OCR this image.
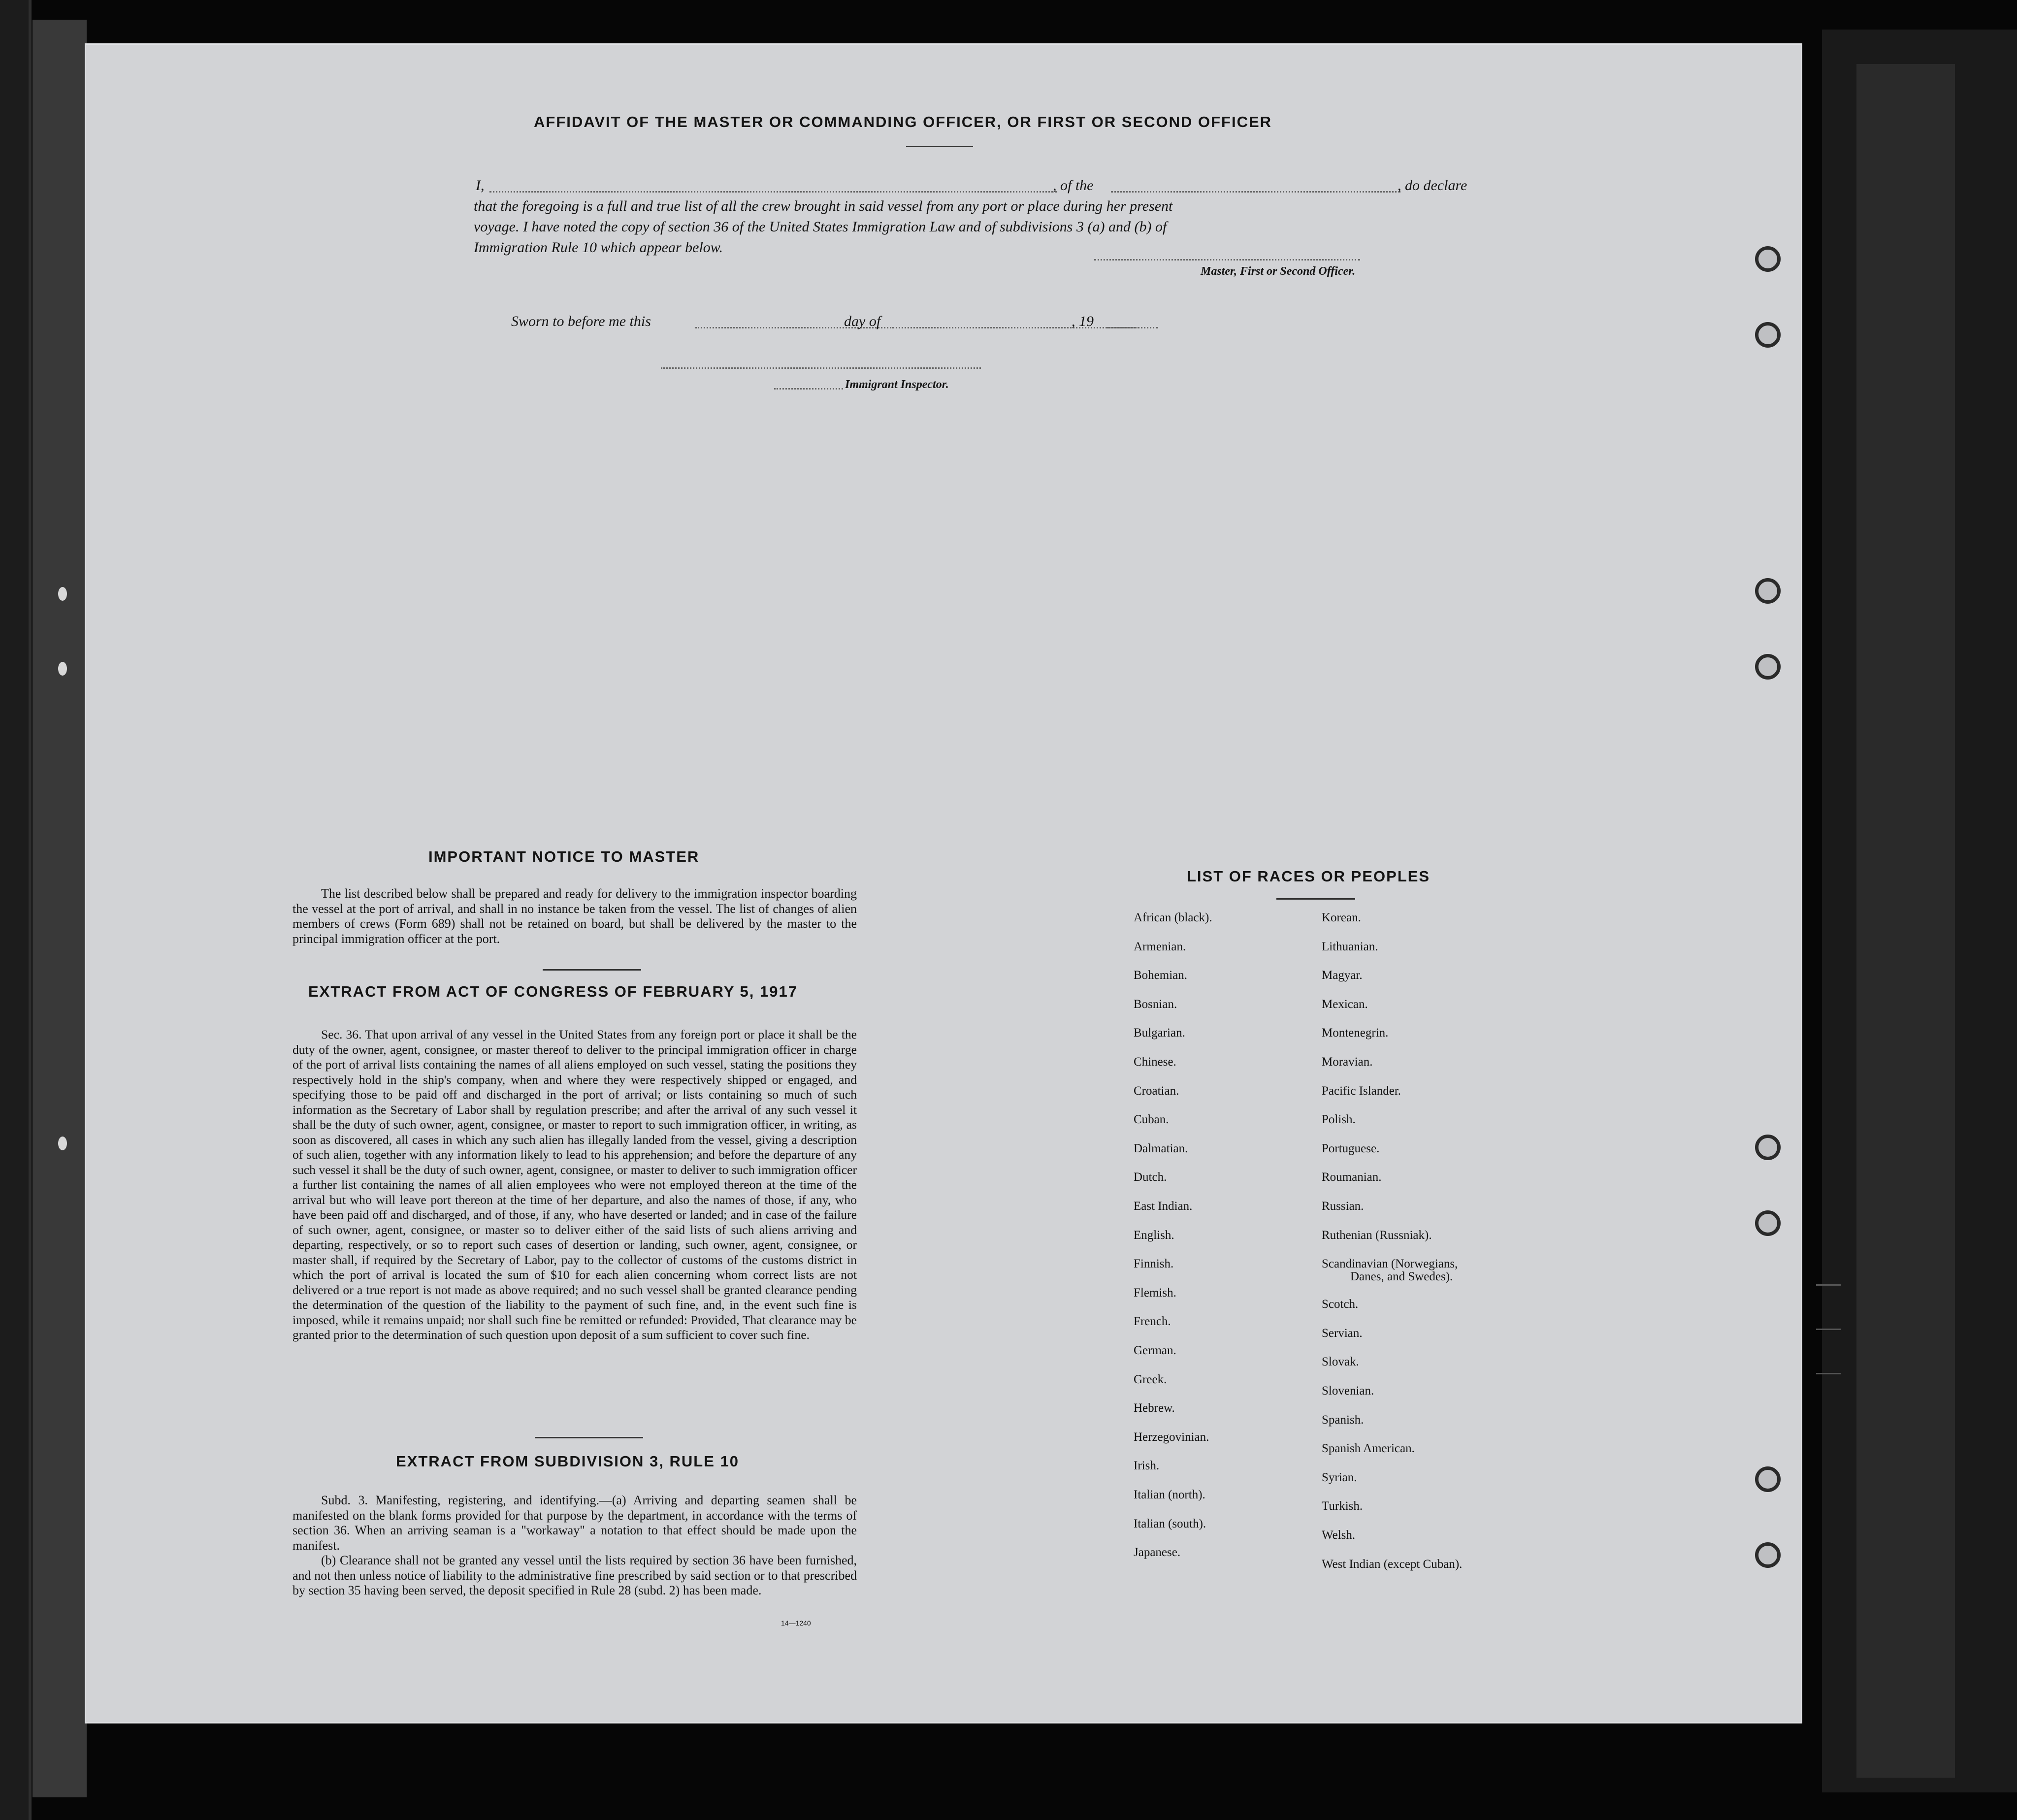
AFFIDAVIT OF THE MASTER OR COMMANDING OFFICER, OR FIRST OR SECOND OFFICER
I,	, of the	, do declare
that the foregoing is a full and true list of all the crew brought in said vessel from any port or place during her present
voyage. I have noted the copy of section 36 of the United States Immigration Law and of subdivisions 3 (a) and (b) of
Immigration Rule 10 which appear below.
Master, First or Second Officer.
Sworn to before me this	day of	, 19
Immigrant Inspector.
IMPORTANT NOTICE TO MASTER
The list described below shall be prepared and ready for delivery to the immigration inspector boarding the vessel at the port of arrival, and shall in no instance be taken from the vessel. The list of changes of alien members of crews (Form 689) shall not be retained on board, but shall be delivered by the master to the principal immigration officer at the port.
EXTRACT FROM ACT OF CONGRESS OF FEBRUARY 5, 1917
Sec. 36. That upon arrival of any vessel in the United States from any foreign port or place it shall be the duty of the owner, agent, consignee, or master thereof to deliver to the principal immigration officer in charge of the port of arrival lists containing the names of all aliens employed on such vessel, stating the positions they respectively hold in the ship's company, when and where they were respectively shipped or engaged, and specifying those to be paid off and discharged in the port of arrival; or lists containing so much of such information as the Secretary of Labor shall by regulation prescribe; and after the arrival of any such vessel it shall be the duty of such owner, agent, consignee, or master to report to such immigration officer, in writing, as soon as discovered, all cases in which any such alien has illegally landed from the vessel, giving a description of such alien, together with any information likely to lead to his apprehension; and before the departure of any such vessel it shall be the duty of such owner, agent, consignee, or master to deliver to such immigration officer a further list containing the names of all alien employees who were not employed thereon at the time of the arrival but who will leave port thereon at the time of her departure, and also the names of those, if any, who have been paid off and discharged, and of those, if any, who have deserted or landed; and in case of the failure of such owner, agent, consignee, or master so to deliver either of the said lists of such aliens arriving and departing, respectively, or so to report such cases of desertion or landing, such owner, agent, consignee, or master shall, if required by the Secretary of Labor, pay to the collector of customs of the customs district in which the port of arrival is located the sum of $10 for each alien concerning whom correct lists are not delivered or a true report is not made as above required; and no such vessel shall be granted clearance pending the determination of the question of the liability to the payment of such fine, and, in the event such fine is imposed, while it remains unpaid; nor shall such fine be remitted or refunded: Provided, That clearance may be granted prior to the determination of such question upon deposit of a sum sufficient to cover such fine.
EXTRACT FROM SUBDIVISION 3, RULE 10
Subd. 3. Manifesting, registering, and identifying.—(a) Arriving and departing seamen shall be manifested on the blank forms provided for that purpose by the department, in accordance with the terms of section 36. When an arriving seaman is a "workaway" a notation to that effect should be made upon the manifest.
(b) Clearance shall not be granted any vessel until the lists required by section 36 have been furnished, and not then unless notice of liability to the administrative fine prescribed by said section or to that prescribed by section 35 having been served, the deposit specified in Rule 28 (subd. 2) has been made.
14—1240
LIST OF RACES OR PEOPLES
African (black).
Armenian.
Bohemian.
Bosnian.
Bulgarian.
Chinese.
Croatian.
Cuban.
Dalmatian.
Dutch.
East Indian.
English.
Finnish.
Flemish.
French.
German.
Greek.
Hebrew.
Herzegovinian.
Irish.
Italian (north).
Italian (south).
Japanese.
Korean.
Lithuanian.
Magyar.
Mexican.
Montenegrin.
Moravian.
Pacific Islander.
Polish.
Portuguese.
Roumanian.
Russian.
Ruthenian (Russniak).
Scandinavian (Norwegians,
Danes, and Swedes).
Scotch.
Servian.
Slovak.
Slovenian.
Spanish.
Spanish American.
Syrian.
Turkish.
Welsh.
West Indian (except Cuban).
